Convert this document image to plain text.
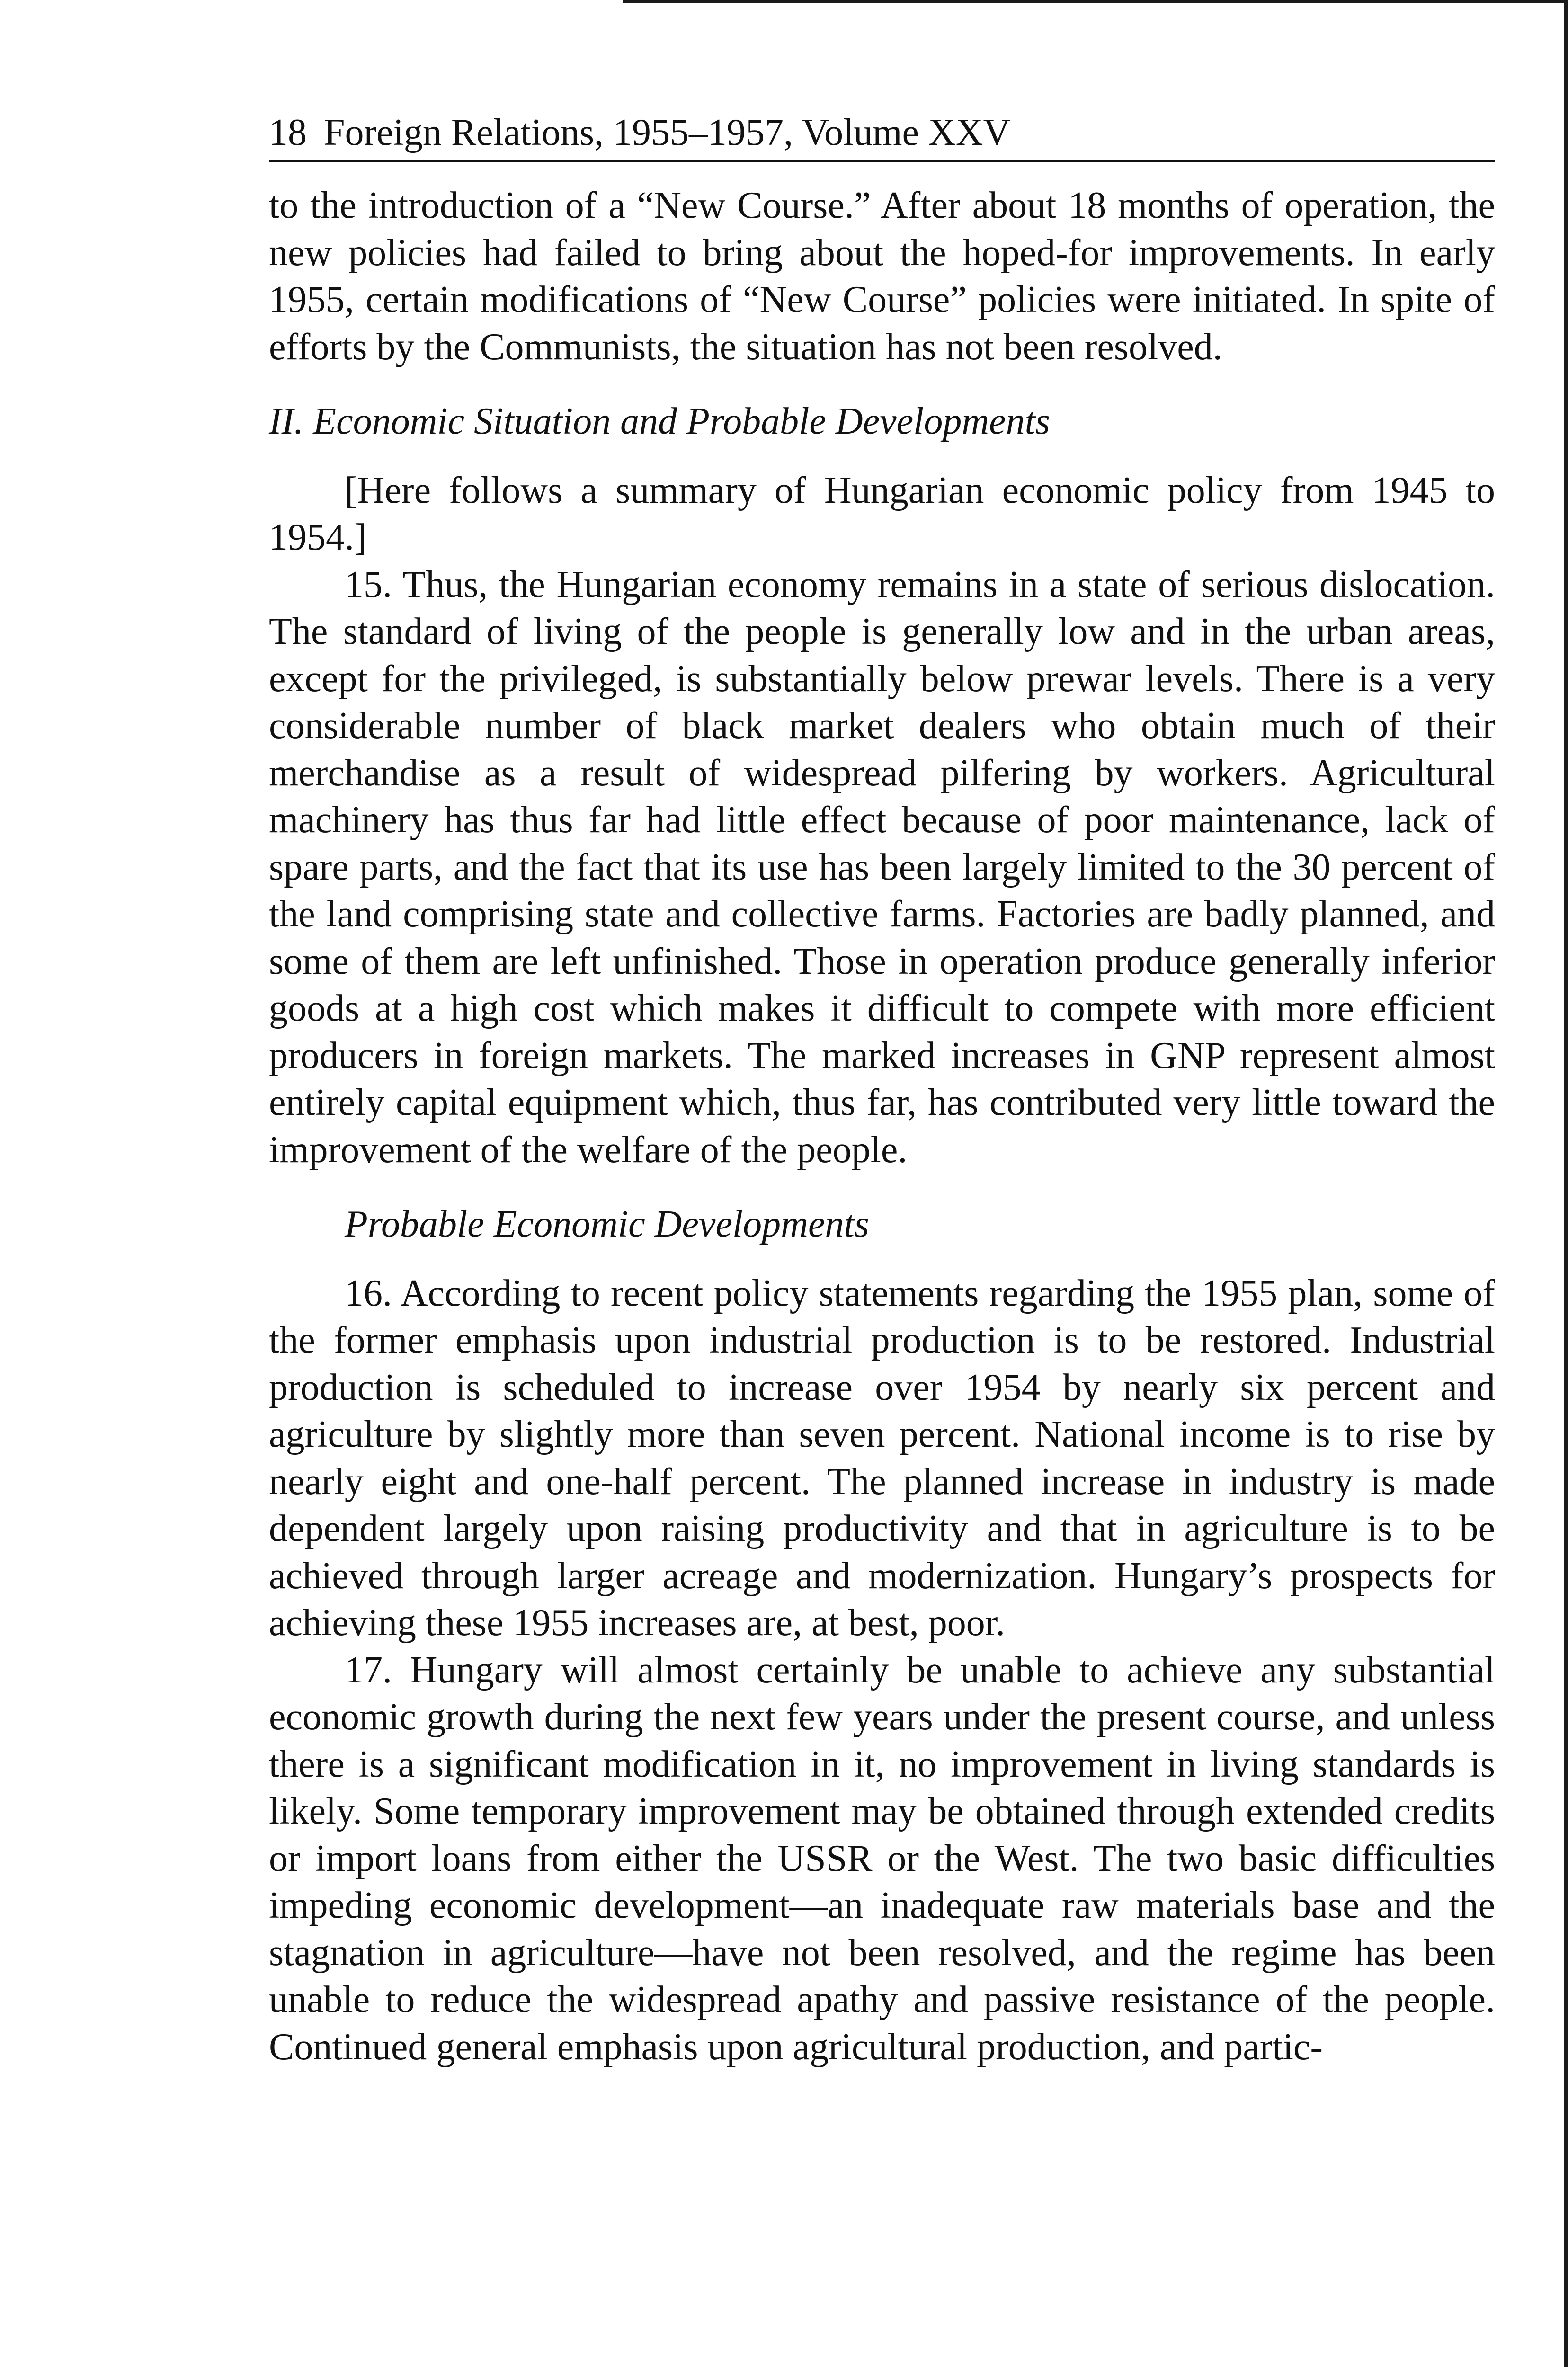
18 Foreign Relations, 1955–1957, Volume XXV

to the introduction of a “New Course.” After about 18 months of operation, the new policies had failed to bring about the hoped-for improvements. In early 1955, certain modifications of “New Course” policies were initiated. In spite of efforts by the Communists, the situation has not been resolved.

II. Economic Situation and Probable Developments

[Here follows a summary of Hungarian economic policy from 1945 to 1954.]

15. Thus, the Hungarian economy remains in a state of serious dislocation. The standard of living of the people is generally low and in the urban areas, except for the privileged, is substantially below prewar levels. There is a very considerable number of black market dealers who obtain much of their merchandise as a result of widespread pilfering by workers. Agricultural machinery has thus far had little effect because of poor maintenance, lack of spare parts, and the fact that its use has been largely limited to the 30 percent of the land comprising state and collective farms. Factories are badly planned, and some of them are left unfinished. Those in operation produce generally inferior goods at a high cost which makes it difficult to compete with more efficient producers in foreign markets. The marked increases in GNP represent almost entirely capital equipment which, thus far, has contributed very little toward the improvement of the welfare of the people.

Probable Economic Developments

16. According to recent policy statements regarding the 1955 plan, some of the former emphasis upon industrial production is to be restored. Industrial production is scheduled to increase over 1954 by nearly six percent and agriculture by slightly more than seven percent. National income is to rise by nearly eight and one-half percent. The planned increase in industry is made dependent largely upon raising productivity and that in agriculture is to be achieved through larger acreage and modernization. Hungary’s prospects for achieving these 1955 increases are, at best, poor.

17. Hungary will almost certainly be unable to achieve any substantial economic growth during the next few years under the present course, and unless there is a significant modification in it, no improvement in living standards is likely. Some temporary improvement may be obtained through extended credits or import loans from either the USSR or the West. The two basic difficulties impeding economic development—an inadequate raw materials base and the stagnation in agriculture—have not been resolved, and the regime has been unable to reduce the widespread apathy and passive resistance of the people. Continued general emphasis upon agricultural production, and partic-
